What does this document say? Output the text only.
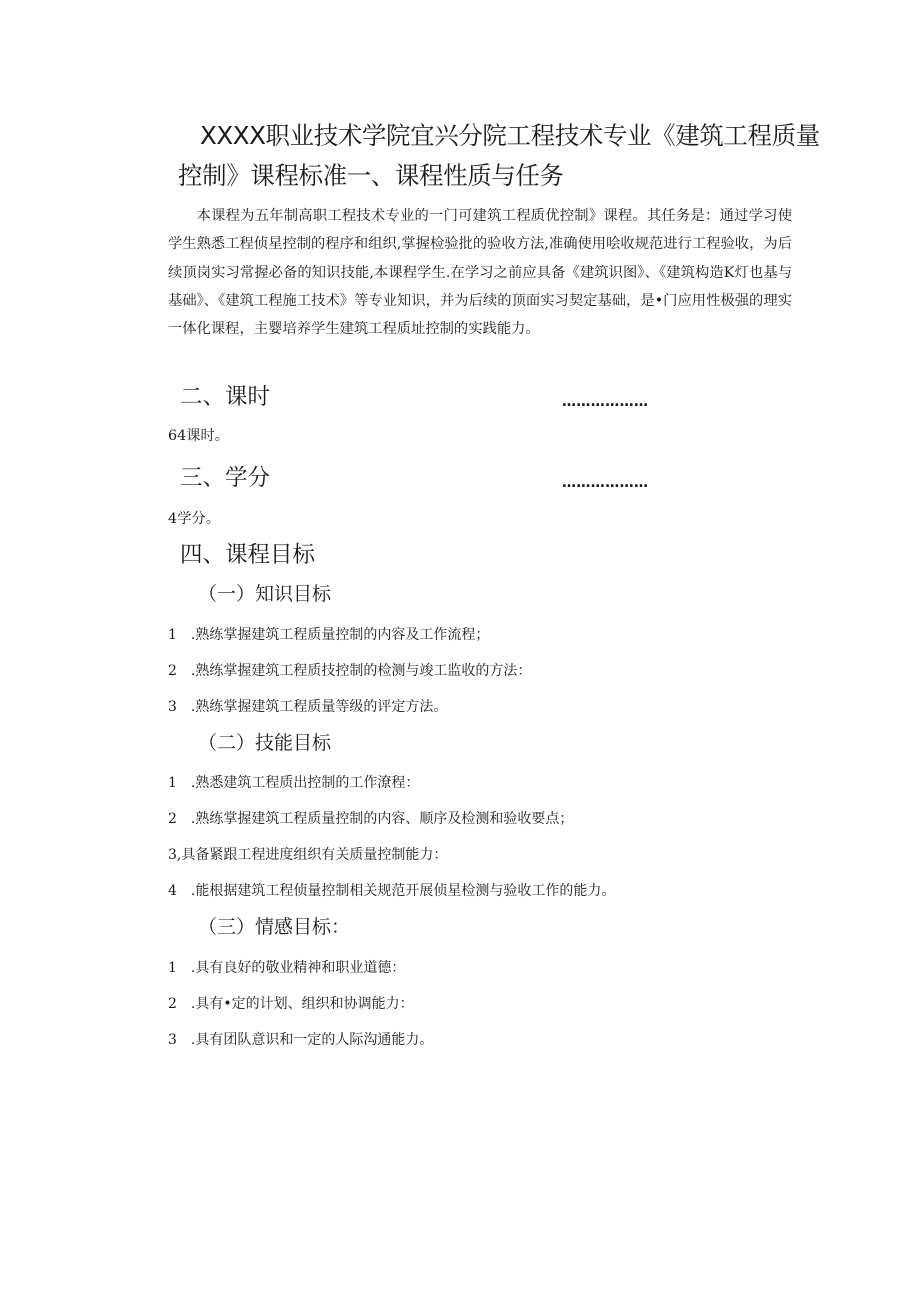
XXXX职业技术学院宜兴分院工程技术专业《建筑工程质量
控制》课程标准一、课程性质与任务

本课程为五年制高职工程技术专业的一门可建筑工程质优控制》课程。其任务是：通过学习使学生熟悉工程侦星控制的程序和组织,掌握检验批的验收方法,准确使用哙收规范进行工程验收，为后续顶岗实习常握必备的知识技能,本课程学生.在学习之前应具备《建筑识图》、《建筑构造K灯也基与基础》、《建筑工程施工技术》等专业知识，并为后续的顶面实习契定基础，是•门应用性极强的理实一体化课程，主婴培养学生建筑工程质址控制的实践能力。

二、课时	………………

64课时。

三、学分	………………

4学分。

四、课程目标
（一）知识目标

1　.熟练掌握建筑工程质量控制的内容及工作流程；

2　.熟练掌握建筑工程质技控制的检测与竣工监收的方法：

3　.熟练掌握建筑工程质量等级的评定方法。

（二）技能目标

1　.熟悉建筑工程质出控制的工作潦程：

2　.熟练掌握建筑工程质量控制的内容、顺序及检测和验收要点；

3,具备紧跟工程进度组织有关质量控制能力：

4　.能根据建筑工程侦量控制相关规范开展侦星检测与验收工作的能力。

（三）情感目标：

1　.具有良好的敬业精神和职业道德：

2　.具有•定的计划、组织和协调能力：

3　.具有团队意识和一定的人际沟通能力。
